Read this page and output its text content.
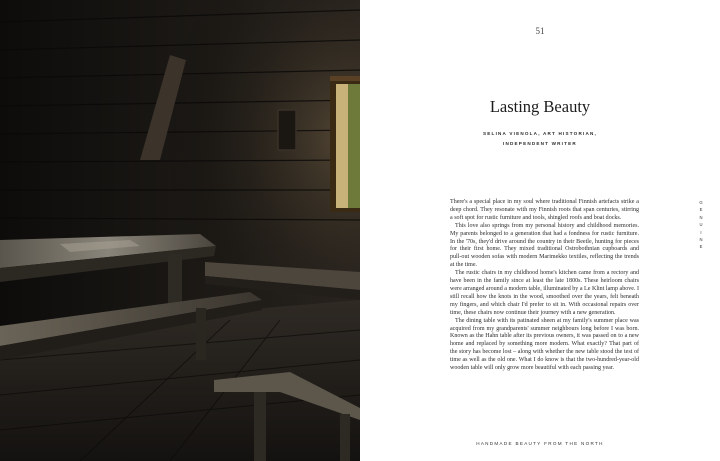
51
Lasting Beauty
SELINA VIENOLA, ART HISTORIAN,
INDEPENDENT WRITER

There's a special place in my soul where traditional Finnish artefacts strike a deep chord. They resonate with my Finnish roots that span centuries, stirring a soft spot for rustic furniture and tools, shingled roofs and boat docks.

This love also springs from my personal history and childhood memories. My parents belonged to a generation that had a fondness for rustic furniture. In the '70s, they'd drive around the country in their Beetle, hunting for pieces for their first home. They mixed traditional Ostrobothnian cupboards and pull-out wooden sofas with modern Marimekko textiles, reflecting the trends at the time.

The rustic chairs in my childhood home's kitchen came from a rectory and have been in the family since at least the late 1800s. These heirloom chairs were arranged around a modern table, illuminated by a Le Klint lamp above. I still recall how the knots in the wood, smoothed over the years, felt beneath my fingers, and which chair I'd prefer to sit in. With occasional repairs over time, these chairs now continue their journey with a new generation.

The dining table with its patinated sheen at my family's summer place was acquired from my grandparents' summer neighbours long before I was born. Known as the Hahn table after its previous owners, it was passed on to a new home and replaced by something more modern. What exactly? That part of the story has become lost – along with whether the new table stood the test of time as well as the old one. What I do know is that the two-hundred-year-old wooden table will only grow more beautiful with each passing year.

G
E
N
U
I
N
E
HANDMADE BEAUTY FROM THE NORTH
